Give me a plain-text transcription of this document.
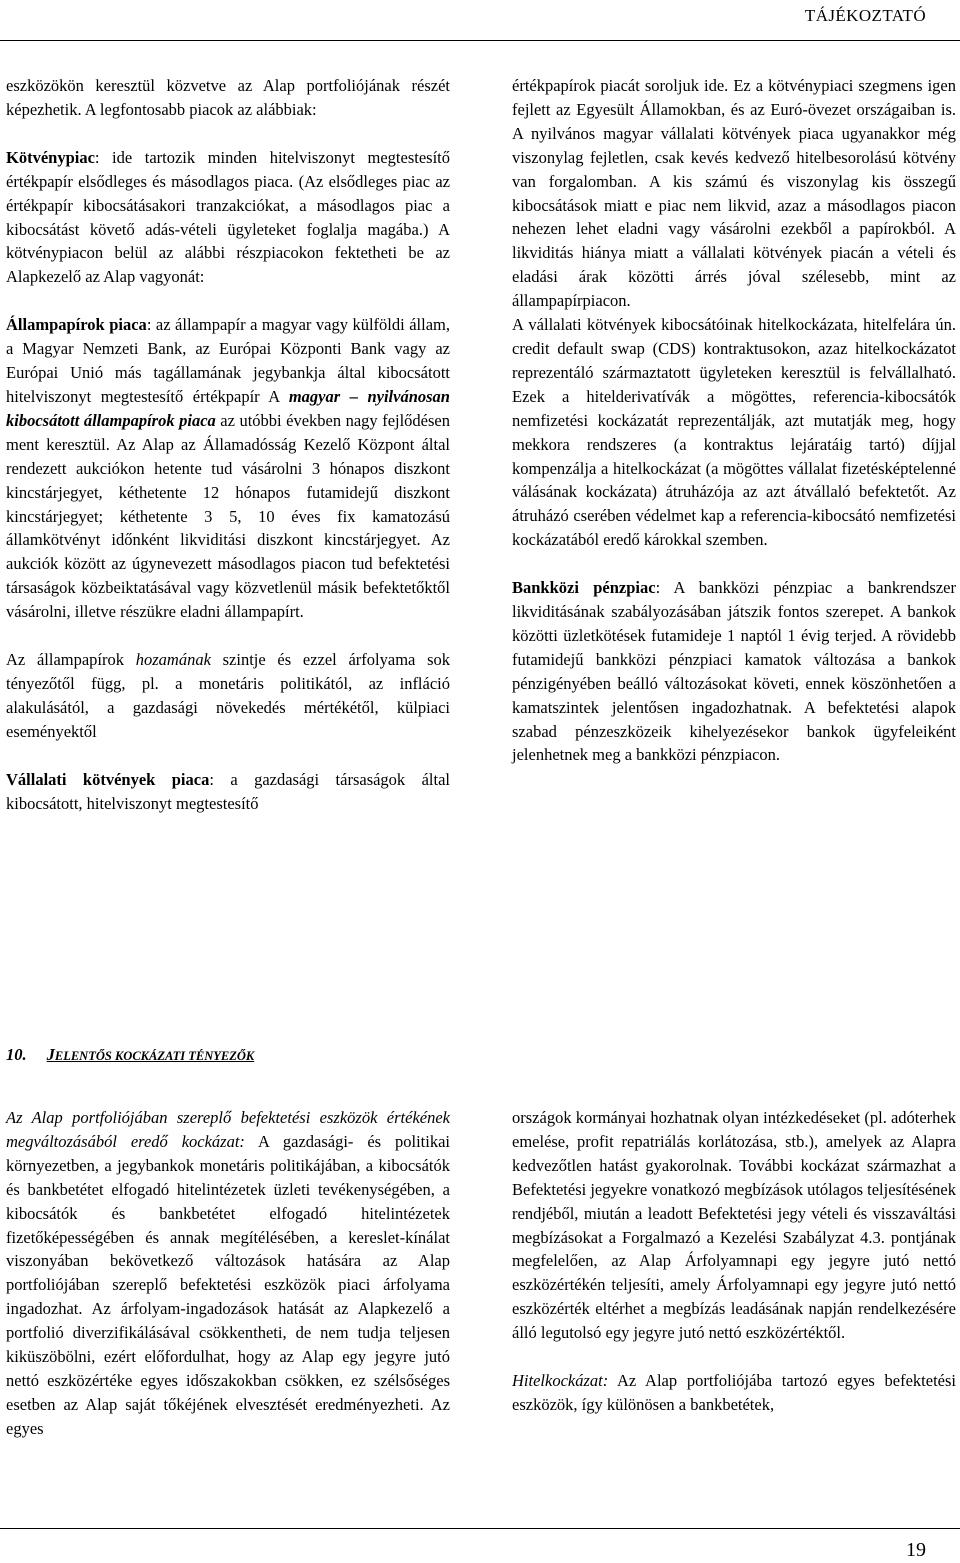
TÁJÉKOZTATÓ

eszközökön keresztül közvetve az Alap portfoliójának részét képezhetik. A legfontosabb piacok az alábbiak:

Kötvénypiac: ide tartozik minden hitelviszonyt megtestesítő értékpapír elsődleges és másodlagos piaca. (Az elsődleges piac az értékpapír kibocsátásakori tranzakciókat, a másodlagos piac a kibocsátást követő adás-vételi ügyleteket foglalja magába.) A kötvénypiacon belül az alábbi részpiacokon fektetheti be az Alapkezelő az Alap vagyonát:

Állampapírok piaca: az állampapír a magyar vagy külföldi állam, a Magyar Nemzeti Bank, az Európai Központi Bank vagy az Európai Unió más tagállamának jegybankja által kibocsátott hitelviszonyt megtestesítő értékpapír A magyar – nyilvánosan kibocsátott állampapírok piaca az utóbbi években nagy fejlődésen ment keresztül. Az Alap az Államadósság Kezelő Központ által rendezett aukciókon hetente tud vásárolni 3 hónapos diszkont kincstárjegyet, kéthetente 12 hónapos futamidejű diszkont kincstárjegyet; kéthetente 3 5, 10 éves fix kamatozású államkötvényt időnként likviditási diszkont kincstárjegyet. Az aukciók között az úgynevezett másodlagos piacon tud befektetési társaságok közbeiktatásával vagy közvetlenül másik befektetőktől vásárolni, illetve részükre eladni állampapírt.

Az állampapírok hozamának szintje és ezzel árfolyama sok tényezőtől függ, pl. a monetáris politikától, az infláció alakulásától, a gazdasági növekedés mértékétől, külpiaci eseményektől

Vállalati kötvények piaca: a gazdasági társaságok által kibocsátott, hitelviszonyt megtestesítő

értékpapírok piacát soroljuk ide. Ez a kötvénypiaci szegmens igen fejlett az Egyesült Államokban, és az Euró-övezet országaiban is. A nyilvános magyar vállalati kötvények piaca ugyanakkor még viszonylag fejletlen, csak kevés kedvező hitelbesorolású kötvény van forgalomban. A kis számú és viszonylag kis összegű kibocsátások miatt e piac nem likvid, azaz a másodlagos piacon nehezen lehet eladni vagy vásárolni ezekből a papírokból. A likviditás hiánya miatt a vállalati kötvények piacán a vételi és eladási árak közötti árrés jóval szélesebb, mint az állampapírpiacon.

A vállalati kötvények kibocsátóinak hitelkockázata, hitelfelára ún. credit default swap (CDS) kontraktusokon, azaz hitelkockázatot reprezentáló származtatott ügyleteken keresztül is felvállalható. Ezek a hitelderivatívák a mögöttes, referencia-kibocsátók nemfizetési kockázatát reprezentálják, azt mutatják meg, hogy mekkora rendszeres (a kontraktus lejáratáig tartó) díjjal kompenzálja a hitelkockázat (a mögöttes vállalat fizetésképtelenné válásának kockázata) átruházója az azt átvállaló befektetőt. Az átruházó cserében védelmet kap a referencia-kibocsátó nemfizetési kockázatából eredő károkkal szemben.

Bankközi pénzpiac: A bankközi pénzpiac a bankrendszer likviditásának szabályozásában játszik fontos szerepet. A bankok közötti üzletkötések futamideje 1 naptól 1 évig terjed. A rövidebb futamidejű bankközi pénzpiaci kamatok változása a bankok pénzigényében beálló változásokat követi, ennek köszönhetően a kamatszintek jelentősen ingadozhatnak. A befektetési alapok szabad pénzeszközeik kihelyezésekor bankok ügyfeleiként jelenhetnek meg a bankközi pénzpiacon.

10. JELENTŐS KOCKÁZATI TÉNYEZŐK

Az Alap portfoliójában szereplő befektetési eszközök értékének megváltozásából eredő kockázat: A gazdasági- és politikai környezetben, a jegybankok monetáris politikájában, a kibocsátók és bankbetétet elfogadó hitelintézetek üzleti tevékenységében, a kibocsátók és bankbetétet elfogadó hitelintézetek fizetőképességében és annak megítélésében, a kereslet-kínálat viszonyában bekövetkező változások hatására az Alap portfoliójában szereplő befektetési eszközök piaci árfolyama ingadozhat. Az árfolyam-ingadozások hatását az Alapkezelő a portfolió diverzifikálásával csökkentheti, de nem tudja teljesen kiküszöbölni, ezért előfordulhat, hogy az Alap egy jegyre jutó nettó eszközértéke egyes időszakokban csökken, ez szélsőséges esetben az Alap saját tőkéjének elvesztését eredményezheti. Az egyes

országok kormányai hozhatnak olyan intézkedéseket (pl. adóterhek emelése, profit repatriálás korlátozása, stb.), amelyek az Alapra kedvezőtlen hatást gyakorolnak. További kockázat származhat a Befektetési jegyekre vonatkozó megbízások utólagos teljesítésének rendjéből, miután a leadott Befektetési jegy vételi és visszaváltási megbízásokat a Forgalmazó a Kezelési Szabályzat 4.3. pontjának megfelelően, az Alap Árfolyamnapi egy jegyre jutó nettó eszközértékén teljesíti, amely Árfolyamnapi egy jegyre jutó nettó eszközérték eltérhet a megbízás leadásának napján rendelkezésére álló legutolsó egy jegyre jutó nettó eszközértéktől.

Hitelkockázat: Az Alap portfoliójába tartozó egyes befektetési eszközök, így különösen a bankbetétek,

19
